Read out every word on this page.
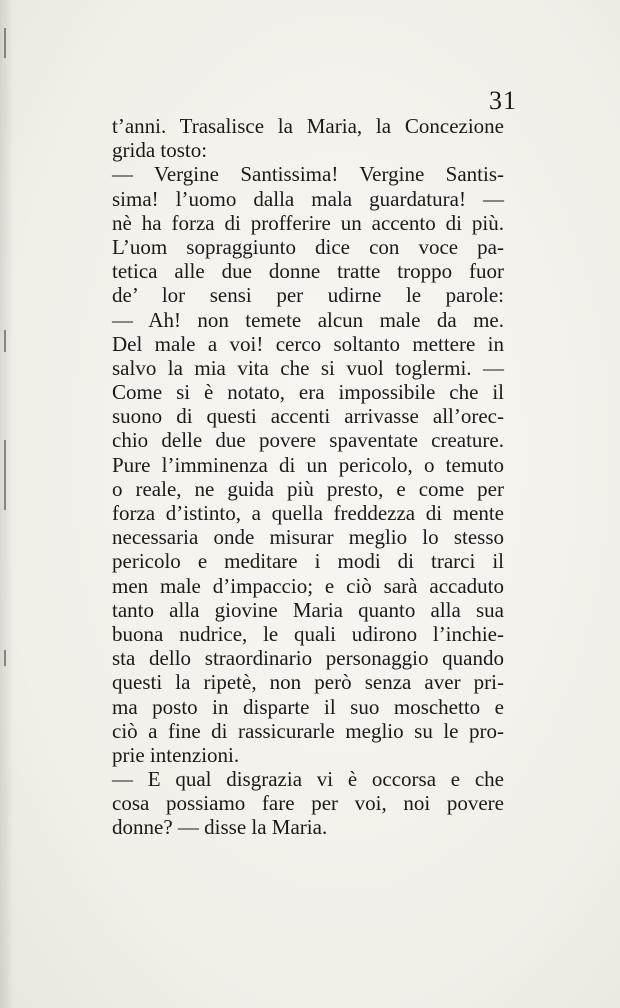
31
t’anni. Trasalisce la Maria, la Concezione
grida tosto:
— Vergine Santissima! Vergine Santis-
sima! l’uomo dalla mala guardatura! —
nè ha forza di profferire un accento di più.
L’uom sopraggiunto dice con voce pa-
tetica alle due donne tratte troppo fuor
de’ lor sensi per udirne le parole:
— Ah! non temete alcun male da me.
Del male a voi! cerco soltanto mettere in
salvo la mia vita che si vuol toglermi. —
Come si è notato, era impossibile che il
suono di questi accenti arrivasse all’orec-
chio delle due povere spaventate creature.
Pure l’imminenza di un pericolo, o temuto
o reale, ne guida più presto, e come per
forza d’istinto, a quella freddezza di mente
necessaria onde misurar meglio lo stesso
pericolo e meditare i modi di trarci il
men male d’impaccio; e ciò sarà accaduto
tanto alla giovine Maria quanto alla sua
buona nudrice, le quali udirono l’inchie-
sta dello straordinario personaggio quando
questi la ripetè, non però senza aver pri-
ma posto in disparte il suo moschetto e
ciò a fine di rassicurarle meglio su le pro-
prie intenzioni.
— E qual disgrazia vi è occorsa e che
cosa possiamo fare per voi, noi povere
donne? — disse la Maria.
